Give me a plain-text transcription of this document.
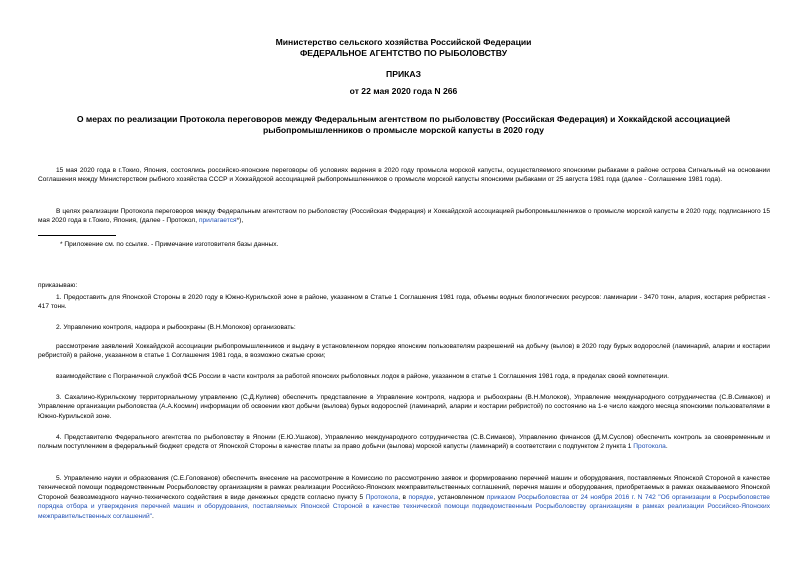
Министерство сельского хозяйства Российской Федерации
ФЕДЕРАЛЬНОЕ АГЕНТСТВО ПО РЫБОЛОВСТВУ
ПРИКАЗ
от 22 мая 2020 года N 266
О мерах по реализации Протокола переговоров между Федеральным агентством по рыболовству (Российская Федерация) и Хоккайдской ассоциацией
рыбопромышленников о промысле морской капусты в 2020 году
15 мая 2020 года в г.Токио, Япония, состоялись российско-японские переговоры об условиях ведения в 2020 году промысла морской капусты, осуществляемого японскими рыбаками в районе острова Сигнальный на основании Соглашения между Министерством рыбного хозяйства СССР и Хоккайдской ассоциацией рыбопромышленников о промысле морской капусты японскими рыбаками от 25 августа 1981 года (далее - Соглашение 1981 года).
В целях реализации Протокола переговоров между Федеральным агентством по рыболовству (Российская Федерация) и Хоккайдской ассоциацией рыбопромышленников о промысле морской капусты в 2020 году, подписанного 15 мая 2020 года в г.Токио, Япония, (далее - Протокол, прилагается*),
* Приложение см. по ссылке. - Примечание изготовителя базы данных.
приказываю:
1. Предоставить для Японской Стороны в 2020 году в Южно-Курильской зоне в районе, указанном в Статье 1 Соглашения 1981 года, объемы водных биологических ресурсов: ламинарии - 3470 тонн, алария, костария ребристая - 417 тонн.
2. Управлению контроля, надзора и рыбоохраны (В.Н.Молоков) организовать:
рассмотрение заявлений Хоккайдской ассоциации рыбопромышленников и выдачу в установленном порядке японским пользователям разрешений на добычу (вылов) в 2020 году бурых водорослей (ламинарий, аларии и костарии ребристой) в районе, указанном в статье 1 Соглашения 1981 года, в возможно сжатые сроки;
взаимодействие с Пограничной службой ФСБ России в части контроля за работой японских рыболовных лодок в районе, указанном в статье 1 Соглашения 1981 года, в пределах своей компетенции.
3. Сахалино-Курильскому территориальному управлению (С.Д.Кулиев) обеспечить представление в Управление контроля, надзора и рыбоохраны (В.Н.Молоков), Управление международного сотрудничества (С.В.Симаков) и Управление организации рыболовства (А.А.Космин) информации об освоении квот добычи (вылова) бурых водорослей (ламинарий, аларии и костарии ребристой) по состоянию на 1-е число каждого месяца японскими пользователями в Южно-Курильской зоне.
4. Представителю Федерального агентства по рыболовству в Японии (Е.Ю.Ушаков), Управлению международного сотрудничества (С.В.Симаков), Управлению финансов (Д.М.Суслов) обеспечить контроль за своевременным и полным поступлением в федеральный бюджет средств от Японской Стороны в качестве платы за право добычи (вылова) морской капусты (ламинарий) в соответствии с подпунктом 2 пункта 1 Протокола.
5. Управлению науки и образования (С.Е.Голованов) обеспечить внесение на рассмотрение в Комиссию по рассмотрению заявок и формированию перечней машин и оборудования, поставляемых Японской Стороной в качестве технической помощи подведомственным Росрыболовству организациям в рамках реализации Российско-Японских межправительственных соглашений, перечня машин и оборудования, приобретаемых в рамках оказываемого Японской Стороной безвозмездного научно-технического содействия в виде денежных средств согласно пункту 5 Протокола, в порядке, установленном приказом Росрыболовства от 24 ноября 2016 г. N 742 "Об организации в Росрыболовстве порядка отбора и утверждения перечней машин и оборудования, поставляемых Японской Стороной в качестве технической помощи подведомственным Росрыболовству организациям в рамках реализации Российско-Японских межправительственных соглашений".
